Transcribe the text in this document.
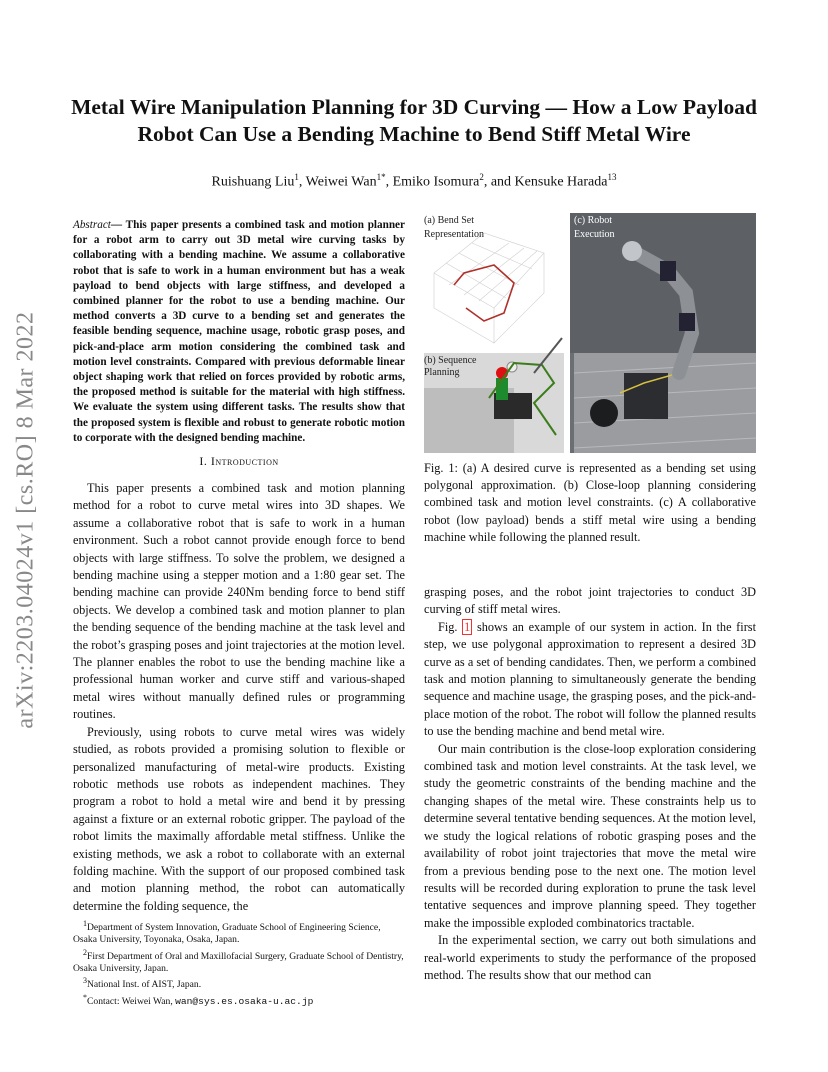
Metal Wire Manipulation Planning for 3D Curving — How a Low Payload Robot Can Use a Bending Machine to Bend Stiff Metal Wire
Ruishuang Liu$^1$, Weiwei Wan$^{1*}$, Emiko Isomura$^2$, and Kensuke Harada$^{13}$
arXiv:2203.04024v1 [cs.RO] 8 Mar 2022
Abstract— This paper presents a combined task and motion planner for a robot arm to carry out 3D metal wire curving tasks by collaborating with a bending machine. We assume a collaborative robot that is safe to work in a human environment but has a weak payload to bend objects with large stiffness, and developed a combined planner for the robot to use a bending machine. Our method converts a 3D curve to a bending set and generates the feasible bending sequence, machine usage, robotic grasp poses, and pick-and-place arm motion considering the combined task and motion level constraints. Compared with previous deformable linear object shaping work that relied on forces provided by robotic arms, the proposed method is suitable for the material with high stiffness. We evaluate the system using different tasks. The results show that the proposed system is flexible and robust to generate robotic motion to corporate with the designed bending machine.
I. Introduction

This paper presents a combined task and motion planning method for a robot to curve metal wires into 3D shapes. We assume a collaborative robot that is safe to work in a human environment. Such a robot cannot provide enough force to bend objects with large stiffness. To solve the problem, we designed a bending machine using a stepper motion and a 1:80 gear set. The bending machine can provide 240Nm bending force to bend stiff objects. We develop a combined task and motion planner to plan the bending sequence of the bending machine at the task level and the robot’s grasping poses and joint trajectories at the motion level. The planner enables the robot to use the bending machine like a professional human worker and curve stiff and various-shaped metal wires without manually defined rules or programming routines.

Previously, using robots to curve metal wires was widely studied, as robots provided a promising solution to flexible or personalized manufacturing of metal-wire products. Existing robotic methods use robots as independent machines. They program a robot to hold a metal wire and bend it by pressing against a fixture or an external robotic gripper. The payload of the robot limits the maximally affordable metal stiffness. Unlike the existing methods, we ask a robot to collaborate with an external folding machine. With the support of our proposed combined task and motion planning method, the robot can automatically determine the folding sequence, the

$^1$Department of System Innovation, Graduate School of Engineering Science, Osaka University, Toyonaka, Osaka, Japan.

$^2$First Department of Oral and Maxillofacial Surgery, Graduate School of Dentistry, Osaka University, Japan.

$^3$National Inst. of AIST, Japan.

*Contact: Weiwei Wan, wan@sys.es.osaka-u.ac.jp

(a) Bend Set
Representation
(b) Sequence
Planning
(c) Robot
Execution
Fig. 1: (a) A desired curve is represented as a bending set using polygonal approximation. (b) Close-loop planning considering combined task and motion level constraints. (c) A collaborative robot (low payload) bends a stiff metal wire using a bending machine while following the planned result.

grasping poses, and the robot joint trajectories to conduct 3D curving of stiff metal wires.

Fig. 1 shows an example of our system in action. In the first step, we use polygonal approximation to represent a desired 3D curve as a set of bending candidates. Then, we perform a combined task and motion planning to simultaneously generate the bending sequence and machine usage, the grasping poses, and the pick-and-place motion of the robot. The robot will follow the planned results to use the bending machine and bend metal wire.

Our main contribution is the close-loop exploration considering combined task and motion level constraints. At the task level, we study the geometric constraints of the bending machine and the changing shapes of the metal wire. These constraints help us to determine several tentative bending sequences. At the motion level, we study the logical relations of robotic grasping poses and the availability of robot joint trajectories that move the metal wire from a previous bending pose to the next one. The motion level results will be recorded during exploration to prune the task level tentative sequences and improve planning speed. They together make the impossible exploded combinatorics tractable.

In the experimental section, we carry out both simulations and real-world experiments to study the performance of the proposed method. The results show that our method can
